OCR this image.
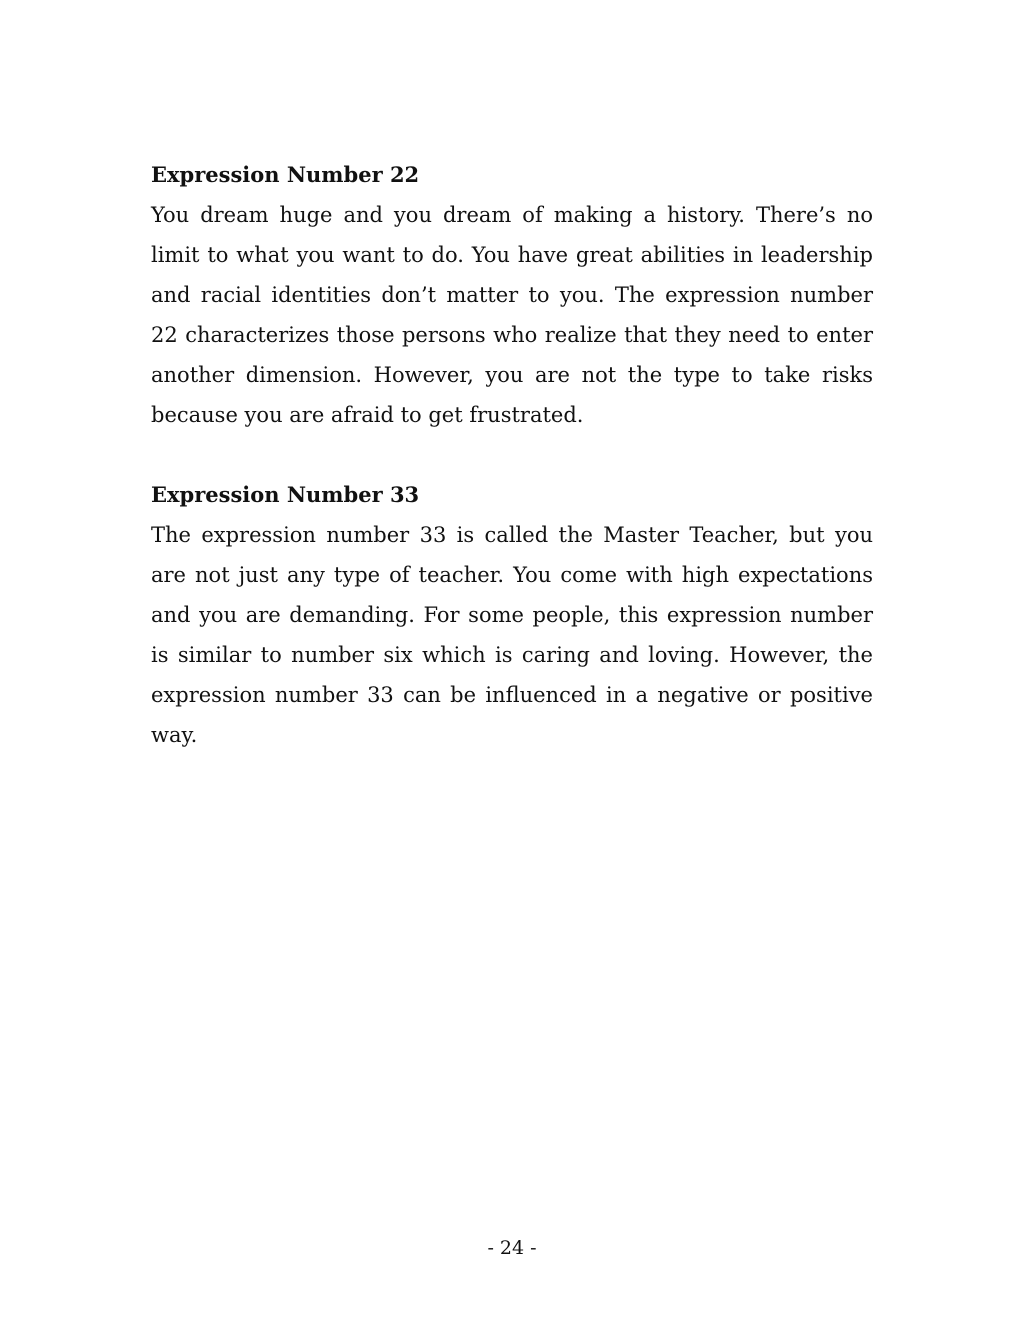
Expression Number 22

You dream huge and you dream of making a history. There’s no limit to what you want to do. You have great abilities in leadership and racial identities don’t matter to you. The expression number 22 characterizes those persons who realize that they need to enter another dimension. However, you are not the type to take risks because you are afraid to get frustrated.

Expression Number 33

The expression number 33 is called the Master Teacher, but you are not just any type of teacher. You come with high expectations and you are demanding. For some people, this expression number is similar to number six which is caring and loving. However, the expression number 33 can be influenced in a negative or positive way.

- 24 -
